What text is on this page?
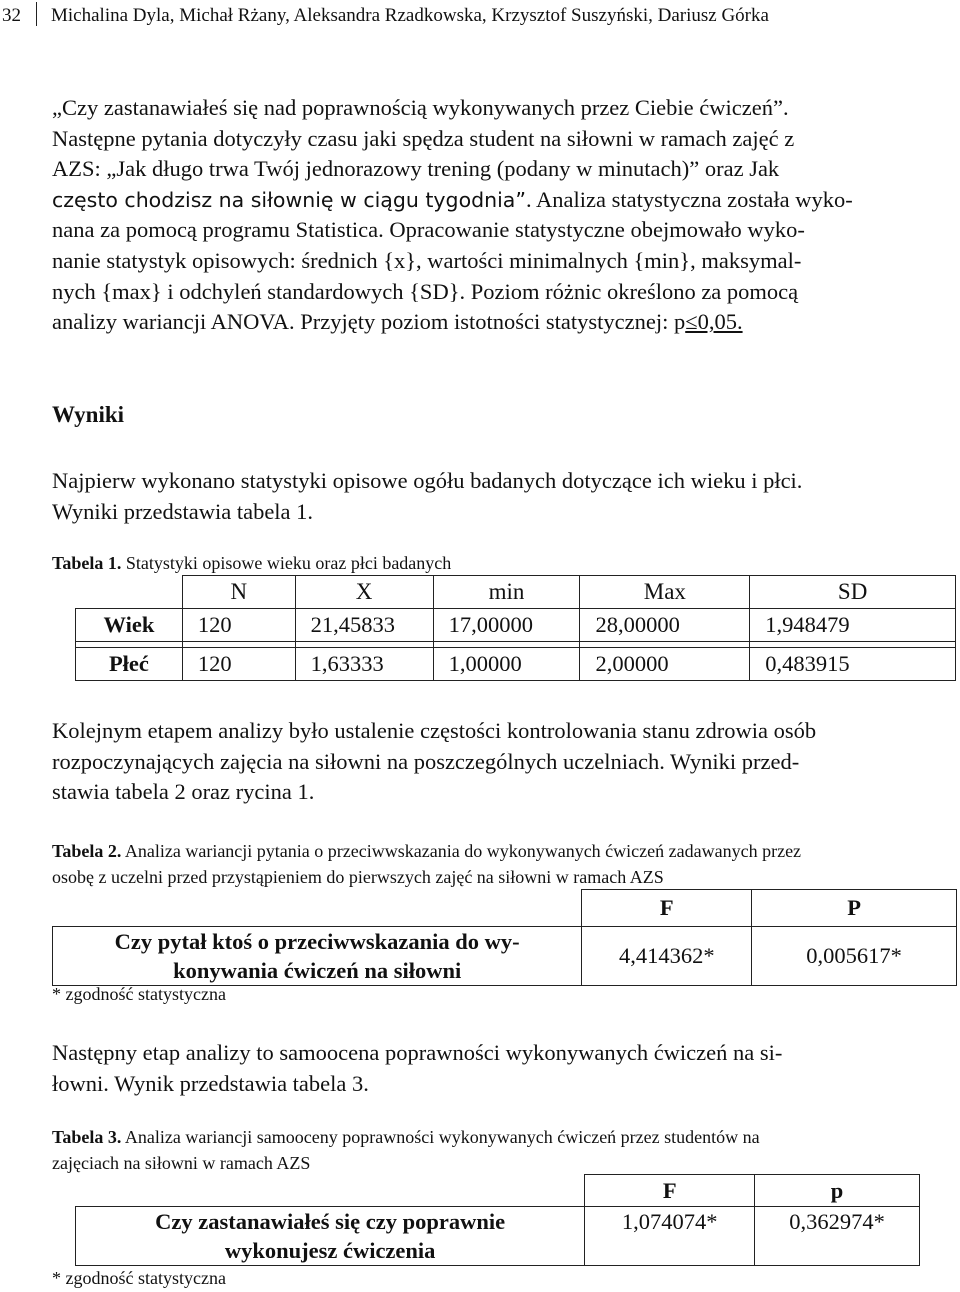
32 Michalina Dyla, Michał Rżany, Aleksandra Rzadkowska, Krzysztof Suszyński, Dariusz Górka
„Czy zastanawiałeś się nad poprawnością wykonywanych przez Ciebie ćwiczeń”.
Następne pytania dotyczyły czasu jaki spędza student na siłowni w ramach zajęć z
AZS: „Jak długo trwa Twój jednorazowy trening (podany w minutach)” oraz Jak
często chodzisz na siłownię w ciągu tygodnia”. Analiza statystyczna została wyko-
nana za pomocą programu Statistica. Opracowanie statystyczne obejmowało wyko-
nanie statystyk opisowych: średnich {x}, wartości minimalnych {min}, maksymal-
nych {max} i odchyleń standardowych {SD}. Poziom różnic określono za pomocą
analizy wariancji ANOVA. Przyjęty poziom istotności statystycznej: p≤0,05.
Wyniki
Najpierw wykonano statystyki opisowe ogółu badanych dotyczące ich wieku i płci.
Wyniki przedstawia tabela 1.
Tabela 1. Statystyki opisowe wieku oraz płci badanych
	N	X	min	Max	SD
Wiek	120	21,45833	17,00000	28,00000	1,948479

Płeć	120	1,63333	1,00000	2,00000	0,483915
Kolejnym etapem analizy było ustalenie częstości kontrolowania stanu zdrowia osób
rozpoczynających zajęcia na siłowni na poszczególnych uczelniach. Wyniki przed-
stawia tabela 2 oraz rycina 1.
Tabela 2. Analiza wariancji pytania o przeciwwskazania do wykonywanych ćwiczeń zadawanych przez
osobę z uczelni przed przystąpieniem do pierwszych zajęć na siłowni w ramach AZS
	F	P

Czy pytał ktoś o przeciwwskazania do wy-
konywania ćwiczeń na siłowni	4,414362*	0,005617*
* zgodność statystyczna
Następny etap analizy to samoocena poprawności wykonywanych ćwiczeń na si-
łowni. Wynik przedstawia tabela 3.
Tabela 3. Analiza wariancji samooceny poprawności wykonywanych ćwiczeń przez studentów na
zajęciach na siłowni w ramach AZS
	F	p

Czy zastanawiałeś się czy poprawnie
wykonujesz ćwiczenia	1,074074*	0,362974*
* zgodność statystyczna
